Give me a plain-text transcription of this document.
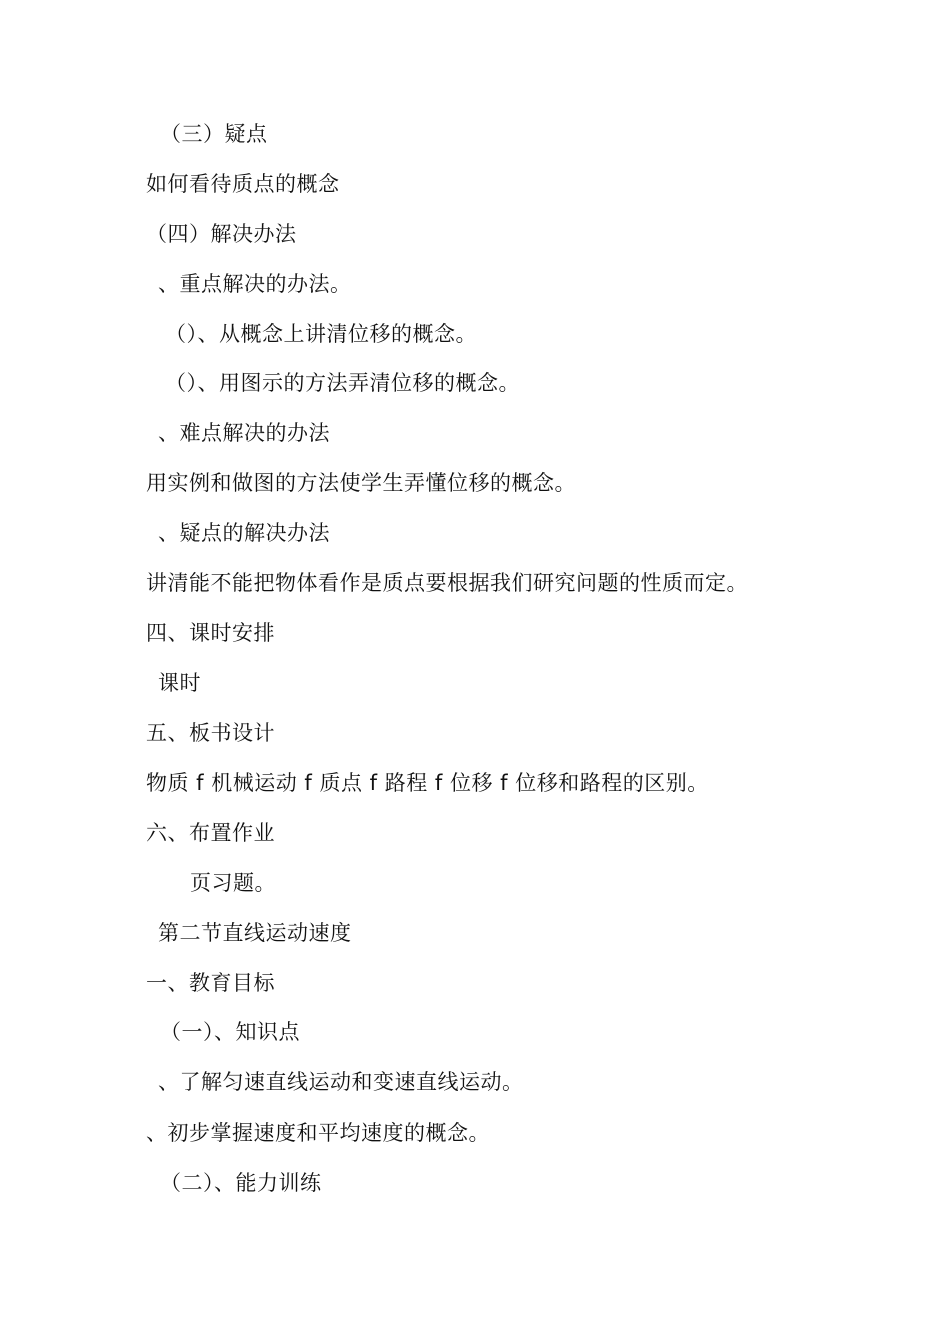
（三）疑点
如何看待质点的概念
（四）解决办法
、重点解决的办法。
（）、从概念上讲清位移的概念。
（）、用图示的方法弄清位移的概念。
、难点解决的办法
用实例和做图的方法使学生弄懂位移的概念。
、疑点的解决办法
讲清能不能把物体看作是质点要根据我们研究问题的性质而定。
四、课时安排
课时
五、板书设计
物质 f 机械运动 f 质点 f 路程 f 位移 f 位移和路程的区别。
六、布置作业
页习题。
第二节直线运动速度
一、教育目标
（一）、知识点
、了解匀速直线运动和变速直线运动。
、初步掌握速度和平均速度的概念。
（二）、能力训练
